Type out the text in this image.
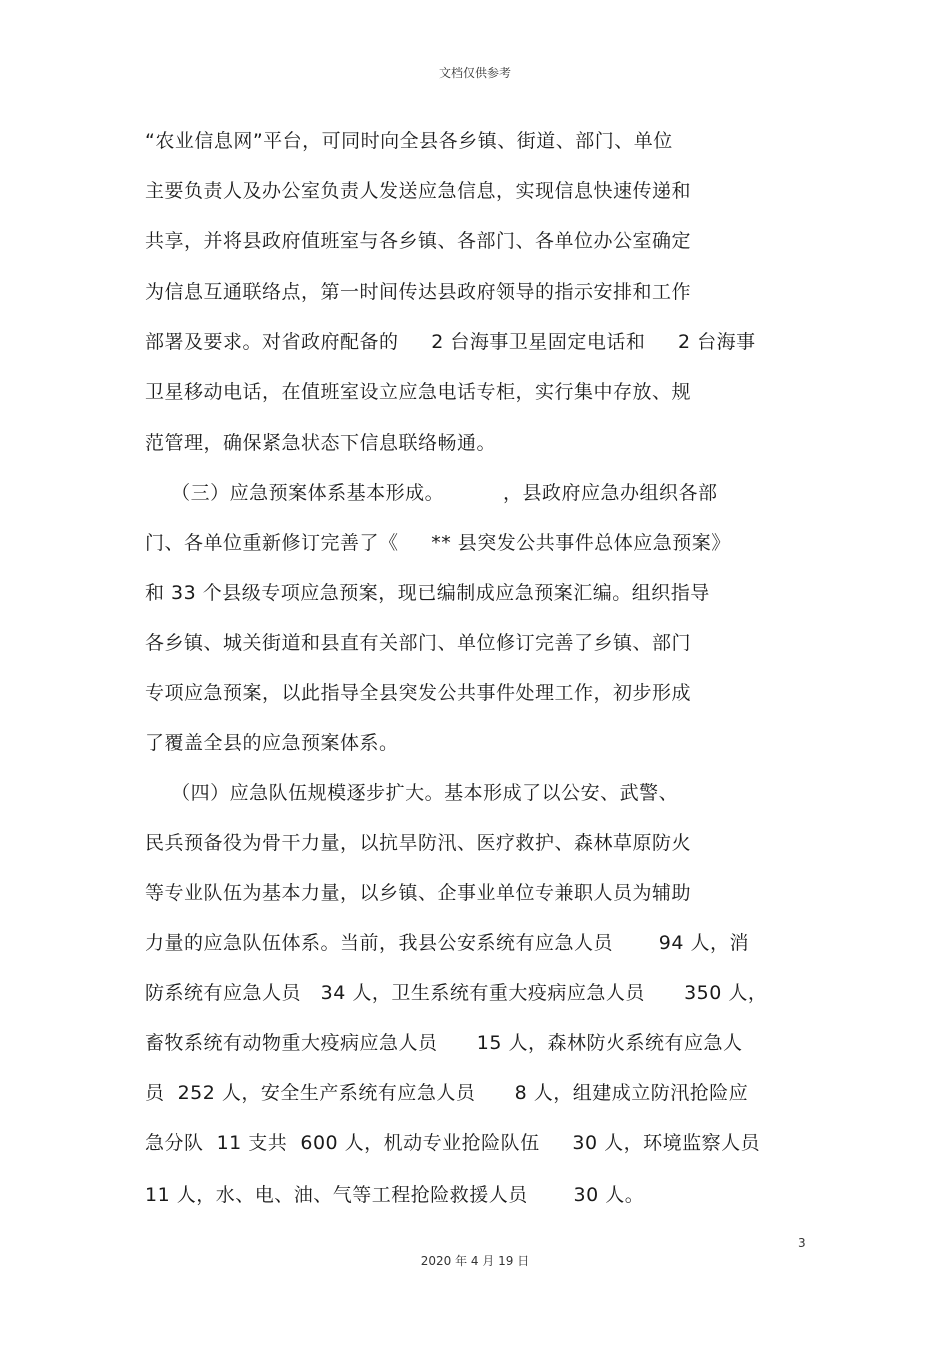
文档仅供参考
“农业信息网”平台，可同时向全县各乡镇、街道、部门、单位
主要负责人及办公室负责人发送应急信息，实现信息快速传递和
共享，并将县政府值班室与各乡镇、各部门、各单位办公室确定
为信息互通联络点，第一时间传达县政府领导的指示安排和工作
部署及要求。对省政府配备的     2 台海事卫星固定电话和     2 台海事
卫星移动电话，在值班室设立应急电话专柜，实行集中存放、规
范管理，确保紧急状态下信息联络畅通。
（三）应急预案体系基本形成。         ，县政府应急办组织各部
门、各单位重新修订完善了《     ** 县突发公共事件总体应急预案》
和 33 个县级专项应急预案，现已编制成应急预案汇编。组织指导
各乡镇、城关街道和县直有关部门、单位修订完善了乡镇、部门
专项应急预案，以此指导全县突发公共事件处理工作，初步形成
了覆盖全县的应急预案体系。
（四）应急队伍规模逐步扩大。基本形成了以公安、武警、
民兵预备役为骨干力量，以抗旱防汛、医疗救护、森林草原防火
等专业队伍为基本力量，以乡镇、企事业单位专兼职人员为辅助
力量的应急队伍体系。当前，我县公安系统有应急人员       94 人，消
防系统有应急人员   34 人，卫生系统有重大疫病应急人员      350 人，
畜牧系统有动物重大疫病应急人员      15 人，森林防火系统有应急人
员  252 人，安全生产系统有应急人员      8 人，组建成立防汛抢险应
急分队  11 支共  600 人，机动专业抢险队伍     30 人，环境监察人员
11 人，水、电、油、气等工程抢险救援人员       30 人。
3
2020 年 4 月 19 日
